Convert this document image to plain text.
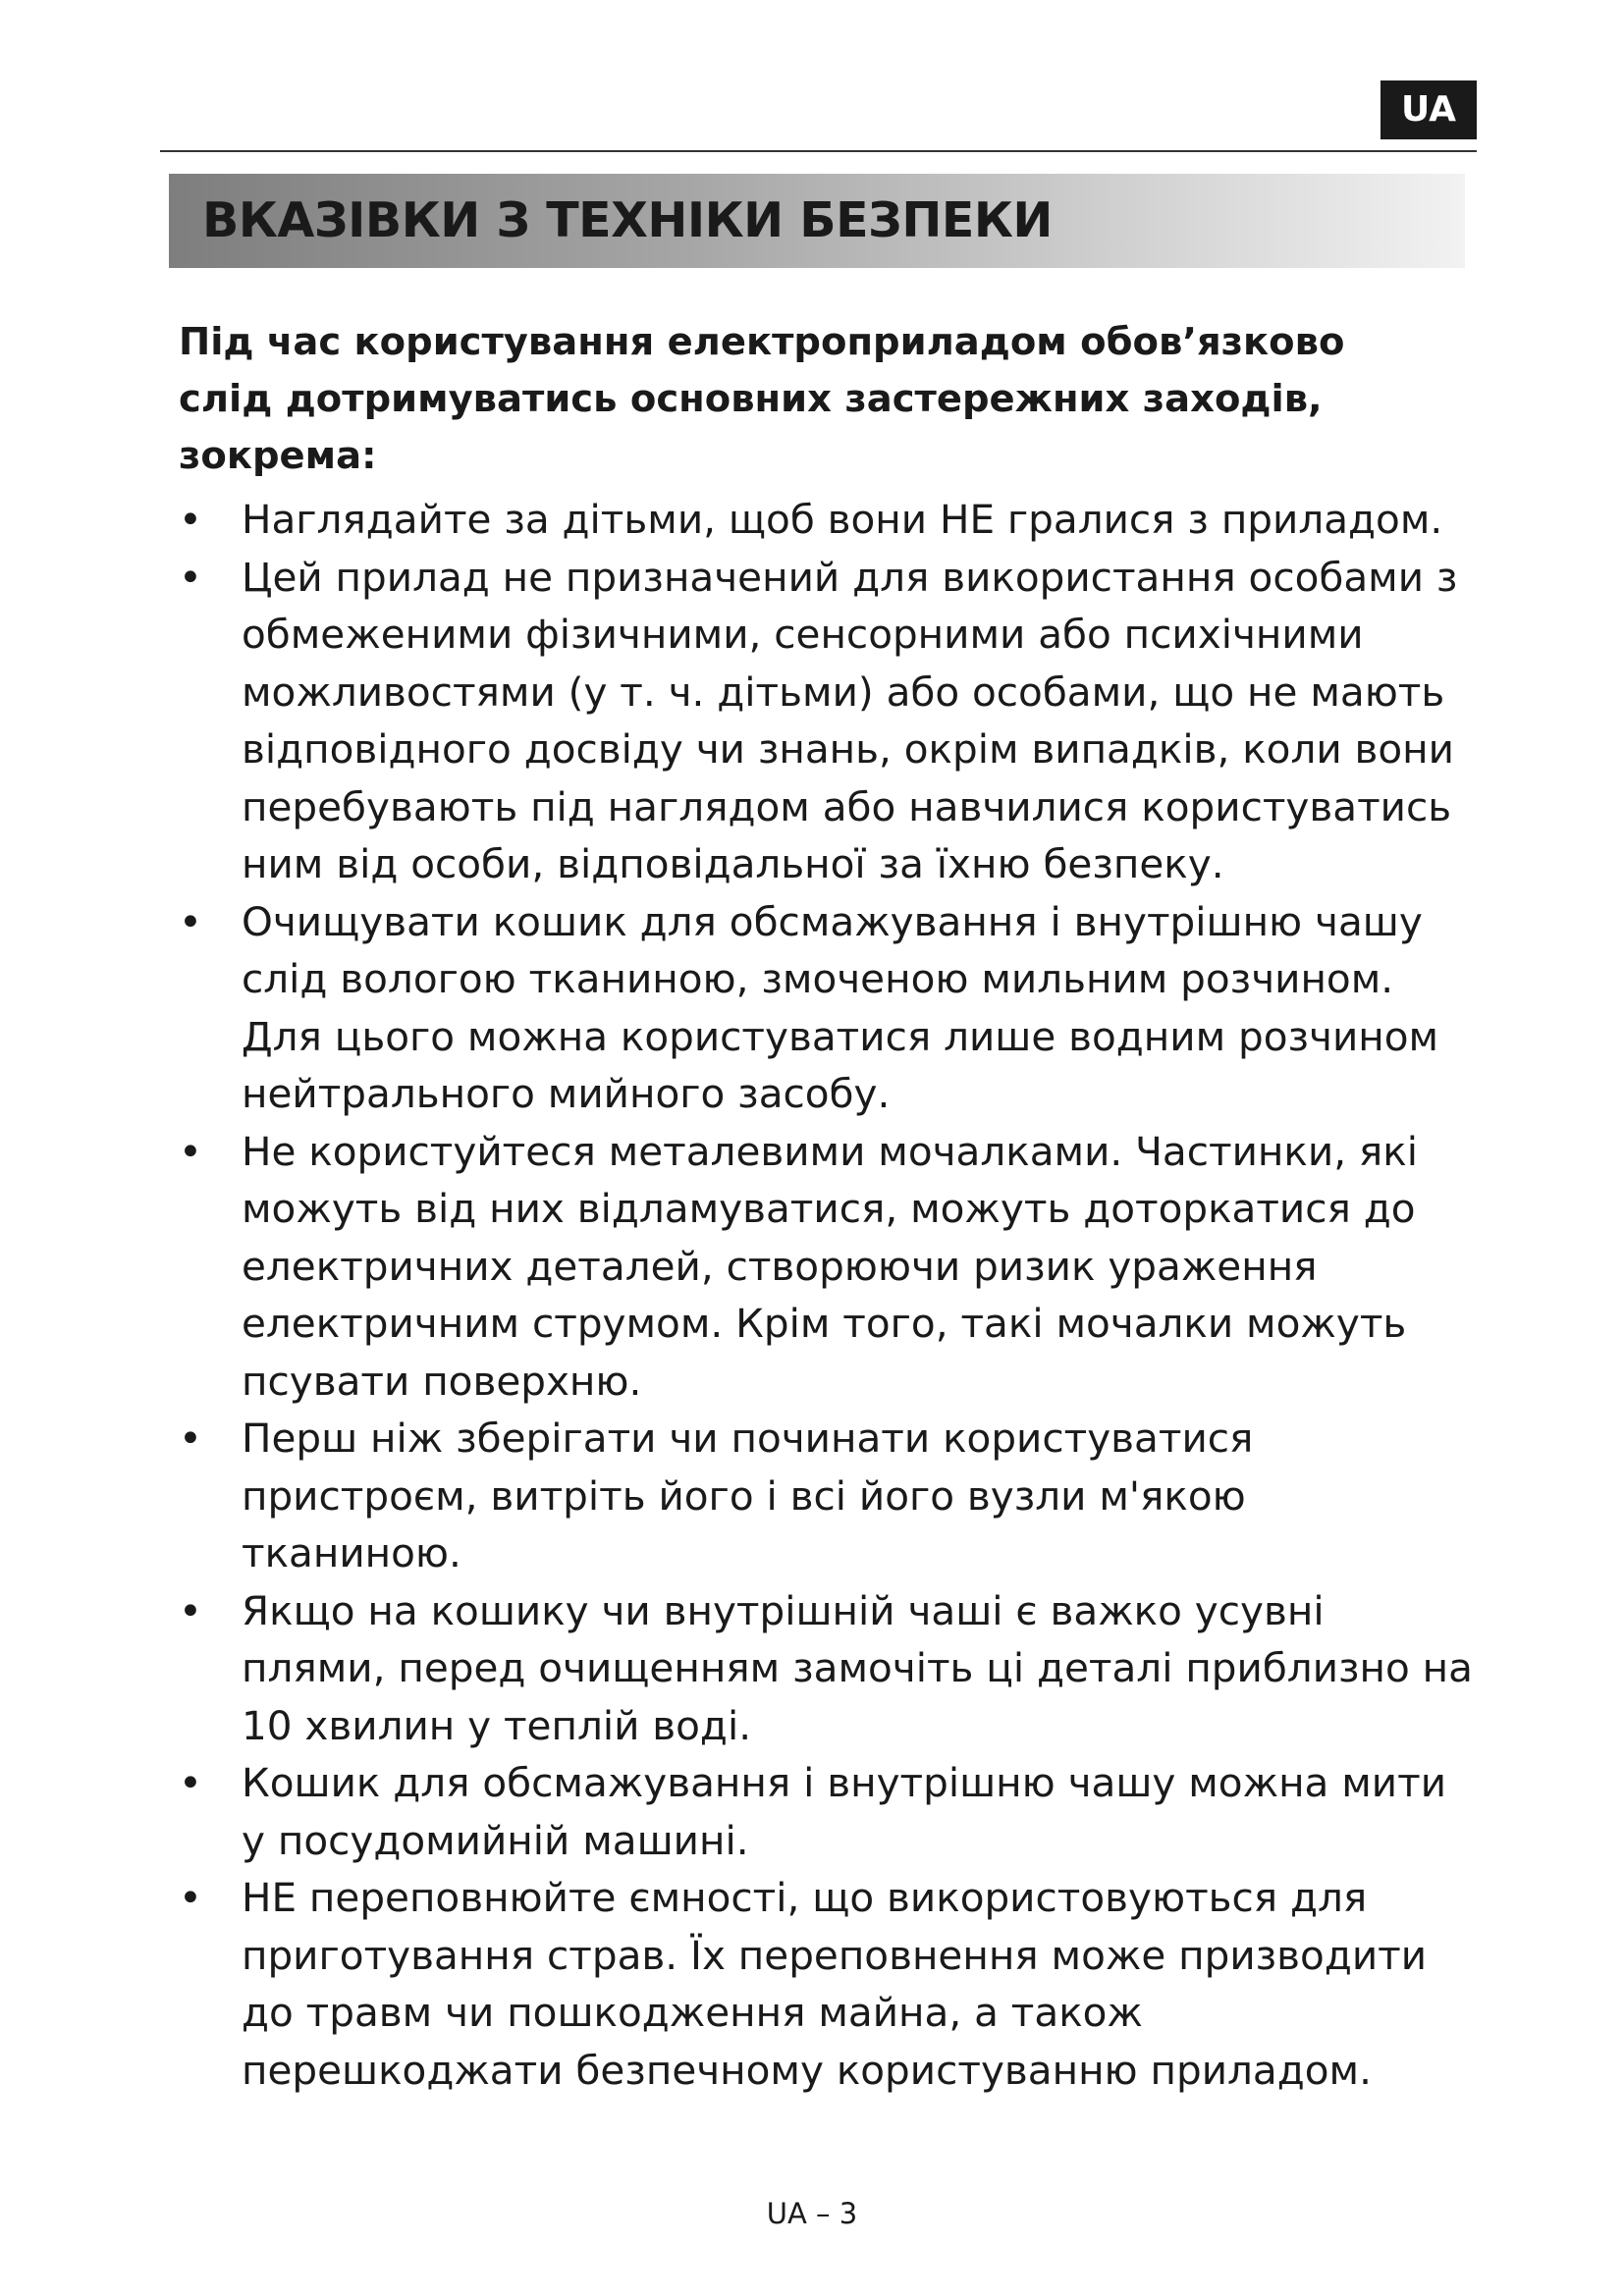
UA
ВКАЗІВКИ З ТЕХНІКИ БЕЗПЕКИ
Під час користування електроприладом обов’язково слід дотримуватись основних застережних заходів, зокрема:
• Наглядайте за дітьми, щоб вони НЕ гралися з приладом.
• Цей прилад не призначений для використання особами з обмеженими фізичними, сенсорними або психічними можливостями (у т. ч. дітьми) або особами, що не мають відповідного досвіду чи знань, окрім випадків, коли вони перебувають під наглядом або навчилися користуватись ним від особи, відповідальної за їхню безпеку.
• Очищувати кошик для обсмажування і внутрішню чашу слід вологою тканиною, змоченою мильним розчином. Для цього можна користуватися лише водним розчином нейтрального мийного засобу.
• Не користуйтеся металевими мочалками. Частинки, які можуть від них відламуватися, можуть доторкатися до електричних деталей, створюючи ризик ураження електричним струмом. Крім того, такі мочалки можуть псувати поверхню.
• Перш ніж зберігати чи починати користуватися пристроєм, витріть його і всі його вузли м'якою тканиною.
• Якщо на кошику чи внутрішній чаші є важко усувні плями, перед очищенням замочіть ці деталі приблизно на 10 хвилин у теплій воді.
• Кошик для обсмажування і внутрішню чашу можна мити у посудомийній машині.
• НЕ переповнюйте ємності, що використовуються для приготування страв. Їх переповнення може призводити до травм чи пошкодження майна, а також перешкоджати безпечному користуванню приладом.
UA – 3
